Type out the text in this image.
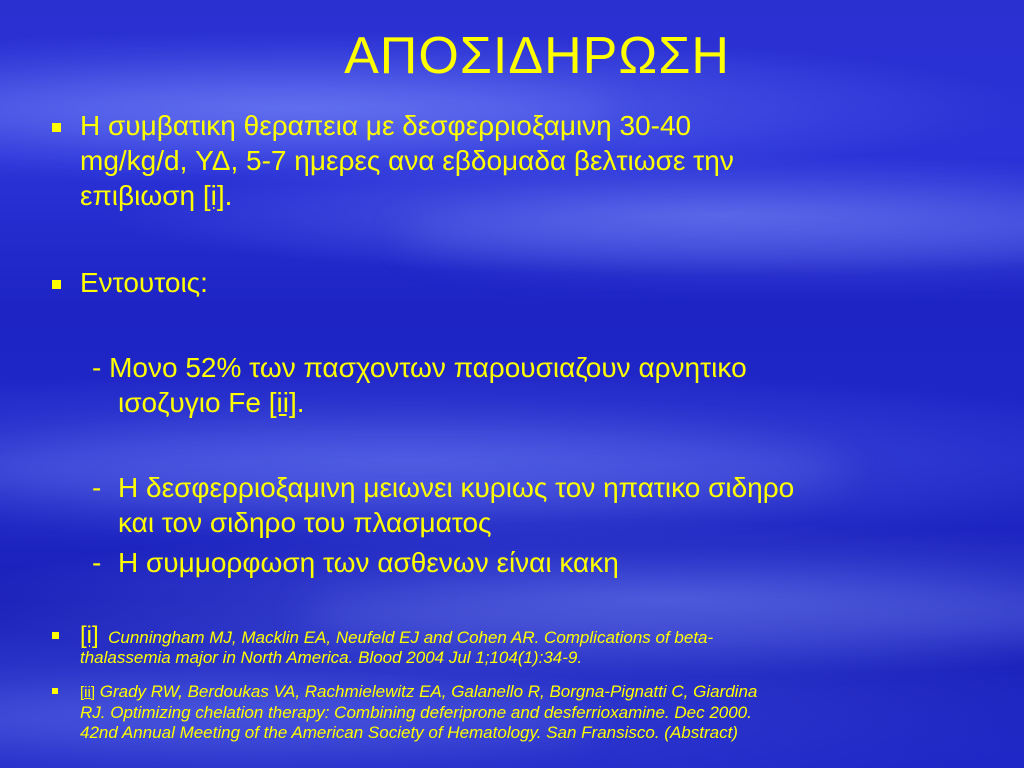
ΑΠΟΣΙΔΗΡΩΣΗ
Η συμβατικη θεραπεια με δεσφερριοξαμινη 30-40
mg/kg/d, ΥΔ, 5-7 ημερες ανα εβδομαδα βελτιωσε την
επιβιωση [i].
Εντουτοις:
- Μονο 52% των πασχοντων παρουσιαζουν αρνητικο
ισοζυγιο Fe [ii].
- Η δεσφερριοξαμινη μειωνει κυριως τον ηπατικο σιδηρο
και τον σιδηρο του πλασματος
- Η συμμορφωση των ασθενων είναι κακη
[i] Cunningham MJ, Macklin EA, Neufeld EJ and Cohen AR. Complications of beta-
thalassemia major in North America. Blood 2004 Jul 1;104(1):34-9.
[ii] Grady RW, Berdoukas VA, Rachmielewitz EA, Galanello R, Borgna-Pignatti C, Giardina
RJ. Optimizing chelation therapy: Combining deferiprone and desferrioxamine. Dec 2000.
42nd Annual Meeting of the American Society of Hematology. San Fransisco. (Abstract)
